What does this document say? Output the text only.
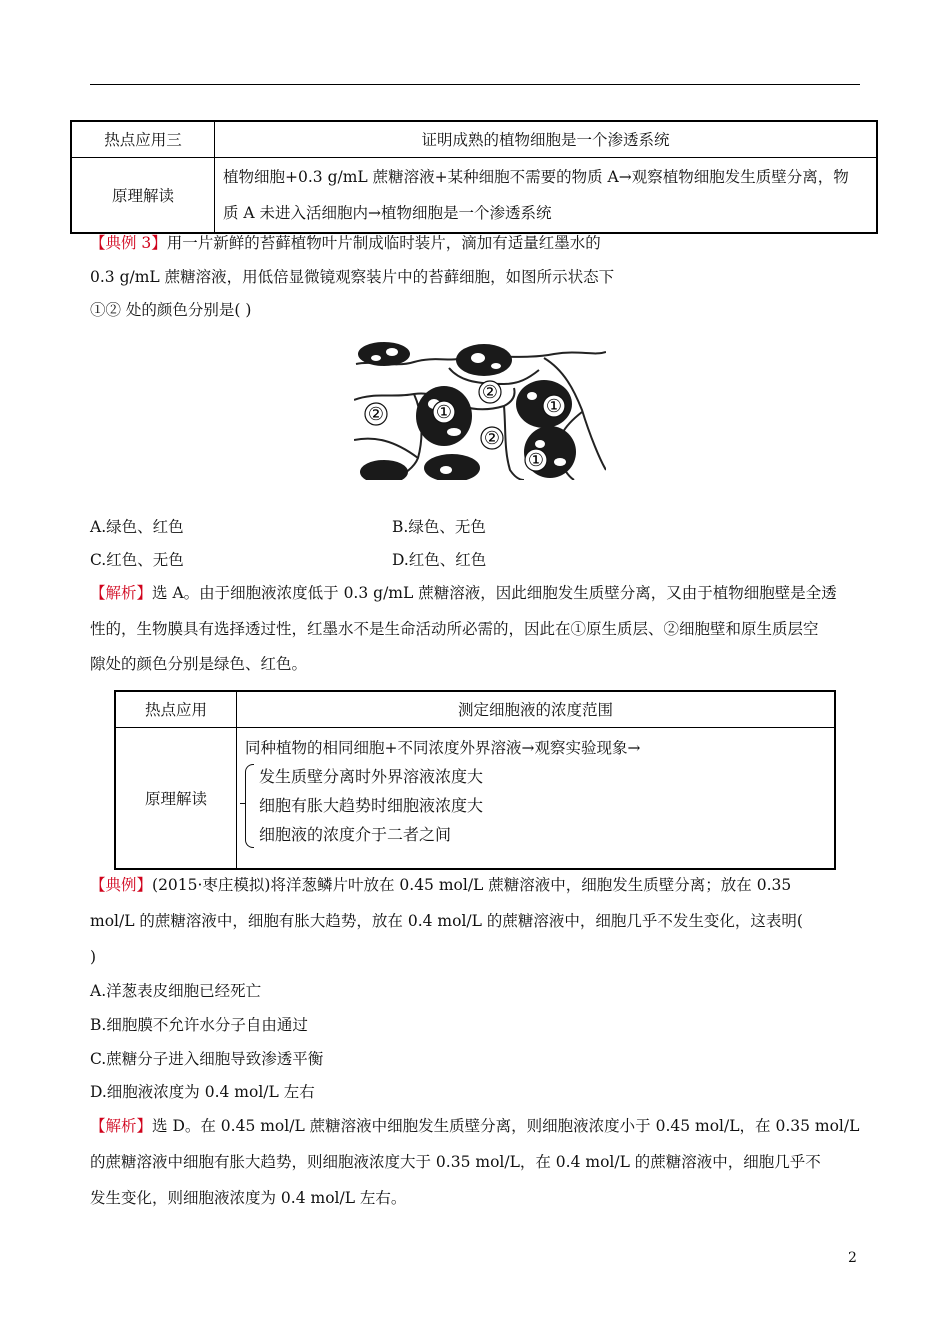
热点应用三	证明成熟的植物细胞是一个渗透系统
原理解读	植物细胞+0.3 g/mL 蔗糖溶液+某种细胞不需要的物质 A→观察植物细胞发生质壁分离，物
质 A 未进入活细胞内→植物细胞是一个渗透系统
【典例 3】用一片新鲜的苔藓植物叶片制成临时装片，滴加有适量红墨水的
0.3 g/mL 蔗糖溶液，用低倍显微镜观察装片中的苔藓细胞，如图所示状态下
①② 处的颜色分别是( )
②	①
②
①
②
①
A.绿色、红色	B.绿色、无色
C.红色、无色	D.红色、红色
【解析】选 A。由于细胞液浓度低于 0.3 g/mL 蔗糖溶液，因此细胞发生质壁分离，又由于植物细胞壁是全透
性的，生物膜具有选择透过性，红墨水不是生命活动所必需的，因此在①原生质层、②细胞壁和原生质层空
隙处的颜色分别是绿色、红色。
热点应用	测定细胞液的浓度范围
原理解读	同种植物的相同细胞+不同浓度外界溶液→观察实验现象→
发生质壁分离时外界溶液浓度大
细胞有胀大趋势时细胞液浓度大
细胞液的浓度介于二者之间
【典例】(2015·枣庄模拟)将洋葱鳞片叶放在 0.45 mol/L 蔗糖溶液中，细胞发生质壁分离；放在 0.35
mol/L 的蔗糖溶液中，细胞有胀大趋势，放在 0.4 mol/L 的蔗糖溶液中，细胞几乎不发生变化，这表明(
)
A.洋葱表皮细胞已经死亡
B.细胞膜不允许水分子自由通过
C.蔗糖分子进入细胞导致渗透平衡
D.细胞液浓度为 0.4 mol/L 左右
【解析】选 D。在 0.45 mol/L 蔗糖溶液中细胞发生质壁分离，则细胞液浓度小于 0.45 mol/L，在 0.35 mol/L
的蔗糖溶液中细胞有胀大趋势，则细胞液浓度大于 0.35 mol/L，在 0.4 mol/L 的蔗糖溶液中，细胞几乎不
发生变化，则细胞液浓度为 0.4 mol/L 左右。
2
